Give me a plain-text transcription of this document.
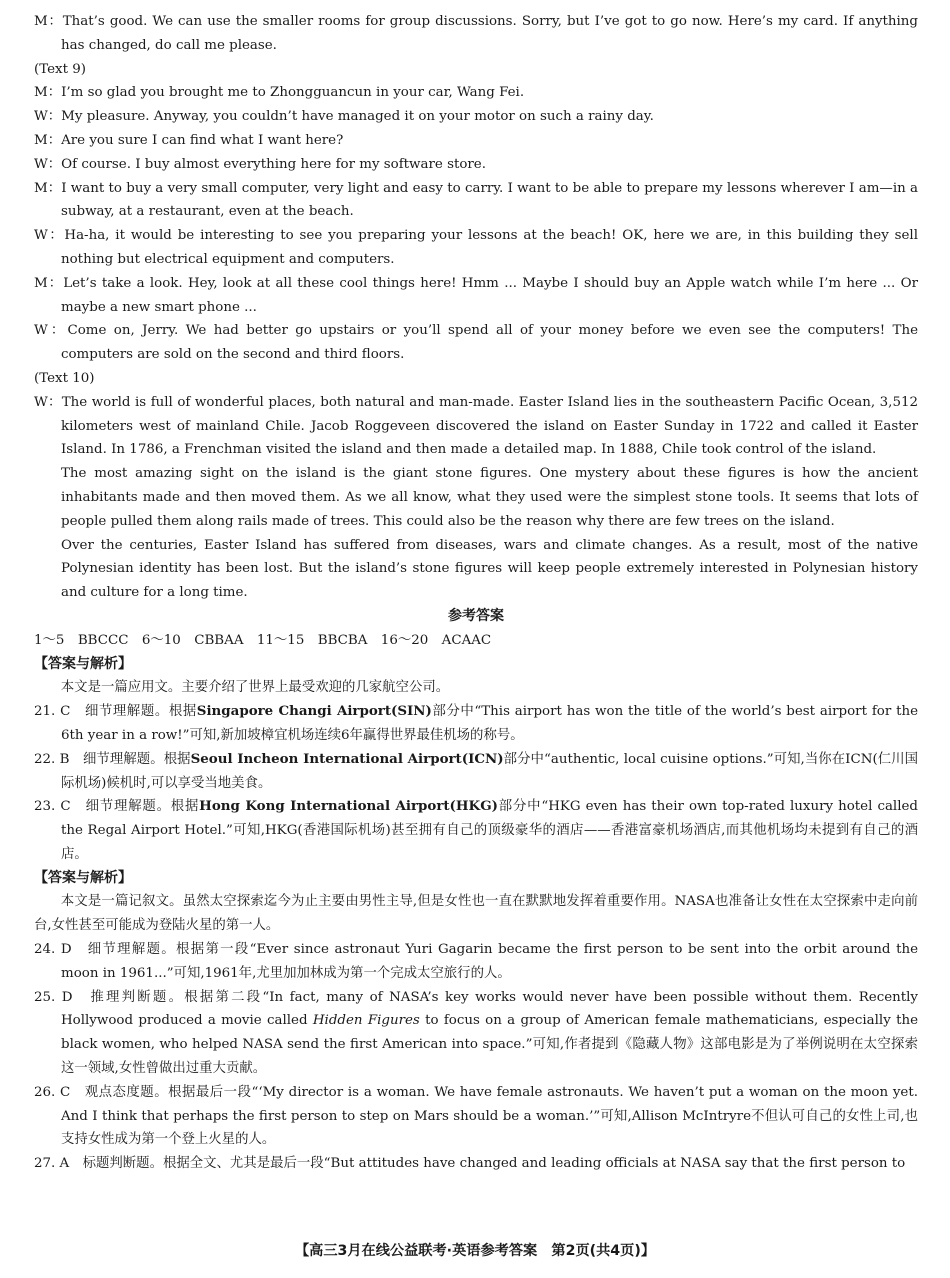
M：That’s good. We can use the smaller rooms for group discussions. Sorry, but I’ve got to go now. Here’s my card. If anything has changed, do call me please.

(Text 9)

M：I’m so glad you brought me to Zhongguancun in your car, Wang Fei.

W：My pleasure. Anyway, you couldn’t have managed it on your motor on such a rainy day.

M：Are you sure I can find what I want here?

W：Of course. I buy almost everything here for my software store.

M：I want to buy a very small computer, very light and easy to carry. I want to be able to prepare my lessons wherever I am—in a subway, at a restaurant, even at the beach.

W：Ha-ha, it would be interesting to see you preparing your lessons at the beach! OK, here we are, in this building they sell nothing but electrical equipment and computers.

M：Let’s take a look. Hey, look at all these cool things here! Hmm ... Maybe I should buy an Apple watch while I’m here ... Or maybe a new smart phone ...

W：Come on, Jerry. We had better go upstairs or you’ll spend all of your money before we even see the computers! The computers are sold on the second and third floors.

(Text 10)

W：The world is full of wonderful places, both natural and man-made. Easter Island lies in the southeastern Pacific Ocean, 3,512 kilometers west of mainland Chile. Jacob Roggeveen discovered the island on Easter Sunday in 1722 and called it Easter Island. In 1786, a Frenchman visited the island and then made a detailed map. In 1888, Chile took control of the island.

The most amazing sight on the island is the giant stone figures. One mystery about these figures is how the ancient inhabitants made and then moved them. As we all know, what they used were the simplest stone tools. It seems that lots of people pulled them along rails made of trees. This could also be the reason why there are few trees on the island.

Over the centuries, Easter Island has suffered from diseases, wars and climate changes. As a result, most of the native Polynesian identity has been lost. But the island’s stone figures will keep people extremely interested in Polynesian history and culture for a long time.

参考答案

1～5　BBCCC　6～10　CBBAA　11～15　BBCBA　16～20　ACAAC

【答案与解析】

本文是一篇应用文。主要介绍了世界上最受欢迎的几家航空公司。

21. C　 细节理解题。根据Singapore Changi Airport(SIN)部分中“This airport has won the title of the world’s best airport for the 6th year in a row!”可知,新加坡樟宜机场连续6年赢得世界最佳机场的称号。

22. B　 细节理解题。根据Seoul Incheon International Airport(ICN)部分中“authentic, local cuisine options.”可知,当你在ICN(仁川国际机场)候机时,可以享受当地美食。

23. C　 细节理解题。根据Hong Kong International Airport(HKG)部分中“HKG even has their own top-rated luxury hotel called the Regal Airport Hotel.”可知,HKG(香港国际机场)甚至拥有自己的顶级豪华的酒店——香港富豪机场酒店,而其他机场均未提到有自己的酒店。

【答案与解析】

本文是一篇记叙文。虽然太空探索迄今为止主要由男性主导,但是女性也一直在默默地发挥着重要作用。NASA也准备让女性在太空探索中走向前台,女性甚至可能成为登陆火星的第一人。

24. D　 细节理解题。根据第一段“Ever since astronaut Yuri Gagarin became the first person to be sent into the orbit around the moon in 1961...”可知,1961年,尤里加加林成为第一个完成太空旅行的人。

25. D　 推理判断题。根据第二段“In fact, many of NASA’s key works would never have been possible without them. Recently Hollywood produced a movie called Hidden Figures to focus on a group of American female mathematicians, especially the black women, who helped NASA send the first American into space.”可知,作者提到《隐藏人物》这部电影是为了举例说明在太空探索这一领域,女性曾做出过重大贡献。

26. C　 观点态度题。根据最后一段“‘My director is a woman. We have female astronauts. We haven’t put a woman on the moon yet. And I think that perhaps the first person to step on Mars should be a woman.’”可知,Allison McIntryre不但认可自己的女性上司,也支持女性成为第一个登上火星的人。

27. A　 标题判断题。根据全文、尤其是最后一段“But attitudes have changed and leading officials at NASA say that the first person to

【高三3月在线公益联考·英语参考答案　第2页(共4页)】
